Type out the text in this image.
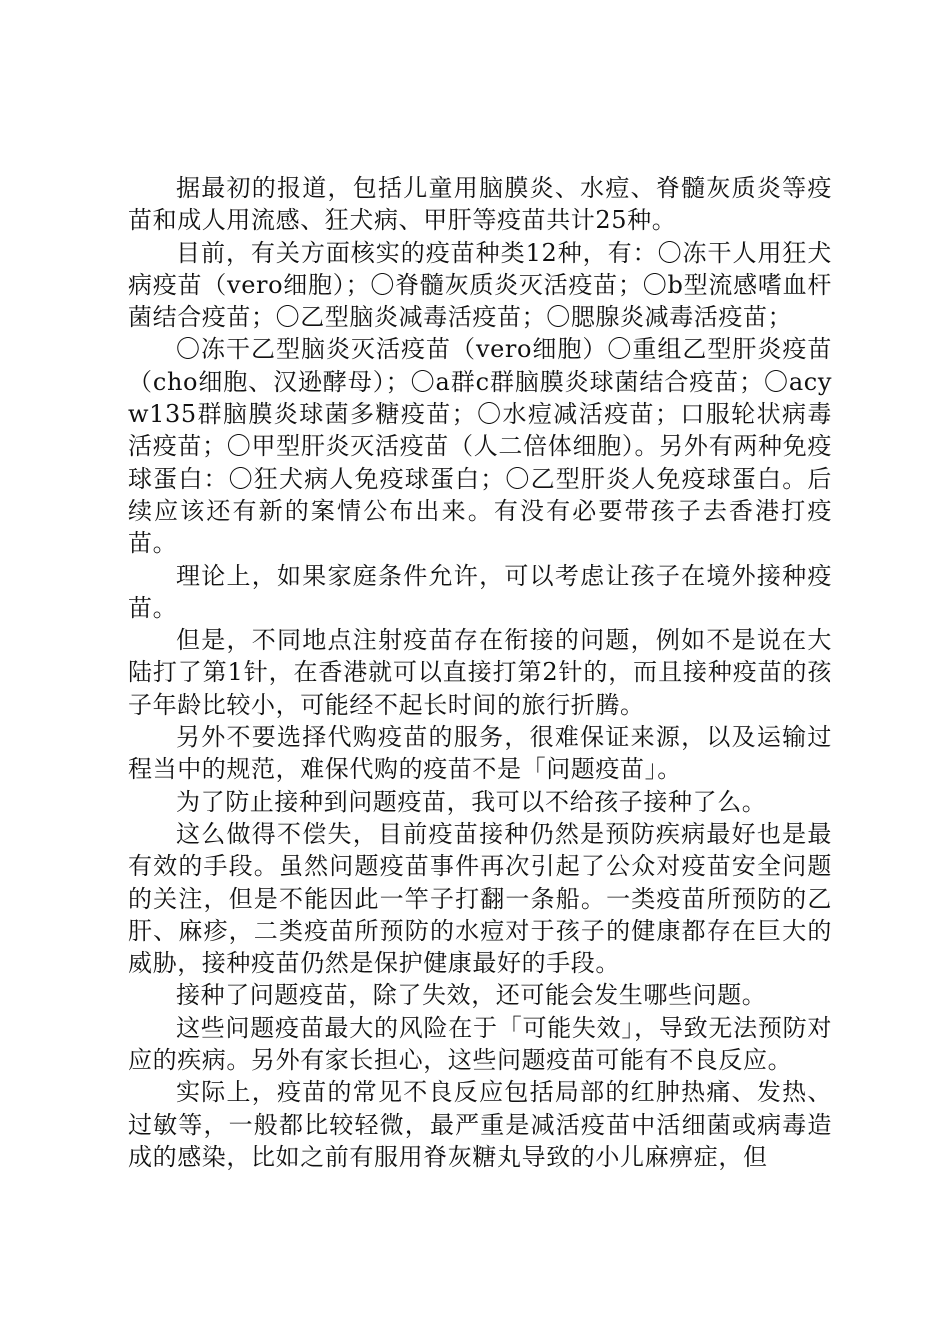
据最初的报道，包括儿童用脑膜炎、水痘、脊髓灰质炎等疫苗和成人用流感、狂犬病、甲肝等疫苗共计25种。

目前，有关方面核实的疫苗种类12种，有：〇冻干人用狂犬病疫苗（vero细胞）；〇脊髓灰质炎灭活疫苗；〇b型流感嗜血杆菌结合疫苗；〇乙型脑炎减毒活疫苗；〇腮腺炎减毒活疫苗；

〇冻干乙型脑炎灭活疫苗（vero细胞）〇重组乙型肝炎疫苗（cho细胞、汉逊酵母）；〇a群c群脑膜炎球菌结合疫苗；〇acyw135群脑膜炎球菌多糖疫苗；〇水痘减活疫苗；口服轮状病毒活疫苗；〇甲型肝炎灭活疫苗（人二倍体细胞）。另外有两种免疫球蛋白：〇狂犬病人免疫球蛋白；〇乙型肝炎人免疫球蛋白。后续应该还有新的案情公布出来。有没有必要带孩子去香港打疫苗。

理论上，如果家庭条件允许，可以考虑让孩子在境外接种疫苗。

但是，不同地点注射疫苗存在衔接的问题，例如不是说在大陆打了第1针，在香港就可以直接打第2针的，而且接种疫苗的孩子年龄比较小，可能经不起长时间的旅行折腾。

另外不要选择代购疫苗的服务，很难保证来源，以及运输过程当中的规范，难保代购的疫苗不是「问题疫苗」。

为了防止接种到问题疫苗，我可以不给孩子接种了么。

这么做得不偿失，目前疫苗接种仍然是预防疾病最好也是最有效的手段。虽然问题疫苗事件再次引起了公众对疫苗安全问题的关注，但是不能因此一竿子打翻一条船。一类疫苗所预防的乙肝、麻疹，二类疫苗所预防的水痘对于孩子的健康都存在巨大的威胁，接种疫苗仍然是保护健康最好的手段。

接种了问题疫苗，除了失效，还可能会发生哪些问题。

这些问题疫苗最大的风险在于「可能失效」，导致无法预防对应的疾病。另外有家长担心，这些问题疫苗可能有不良反应。

实际上，疫苗的常见不良反应包括局部的红肿热痛、发热、过敏等，一般都比较轻微，最严重是减活疫苗中活细菌或病毒造成的感染，比如之前有服用脊灰糖丸导致的小儿麻痹症，但
